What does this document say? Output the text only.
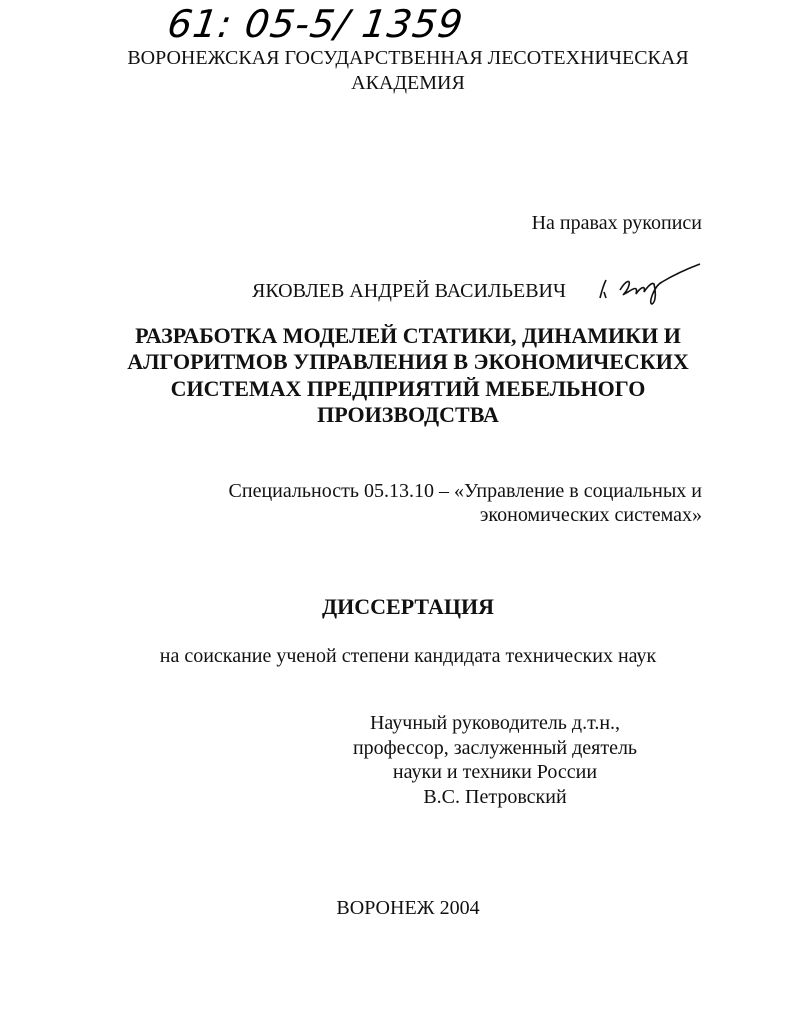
61: 05-5/ 1359
ВОРОНЕЖСКАЯ ГОСУДАРСТВЕННАЯ ЛЕСОТЕХНИЧЕСКАЯ
АКАДЕМИЯ
На правах рукописи
ЯКОВЛЕВ АНДРЕЙ ВАСИЛЬЕВИЧ
РАЗРАБОТКА МОДЕЛЕЙ СТАТИКИ, ДИНАМИКИ И
АЛГОРИТМОВ УПРАВЛЕНИЯ В ЭКОНОМИЧЕСКИХ
СИСТЕМАХ ПРЕДПРИЯТИЙ МЕБЕЛЬНОГО
ПРОИЗВОДСТВА
Специальность 05.13.10 – «Управление в социальных и
экономических системах»
ДИССЕРТАЦИЯ
на соискание ученой степени кандидата технических наук
Научный руководитель д.т.н.,
профессор, заслуженный деятель
науки и техники России
В.С. Петровский
ВОРОНЕЖ 2004
